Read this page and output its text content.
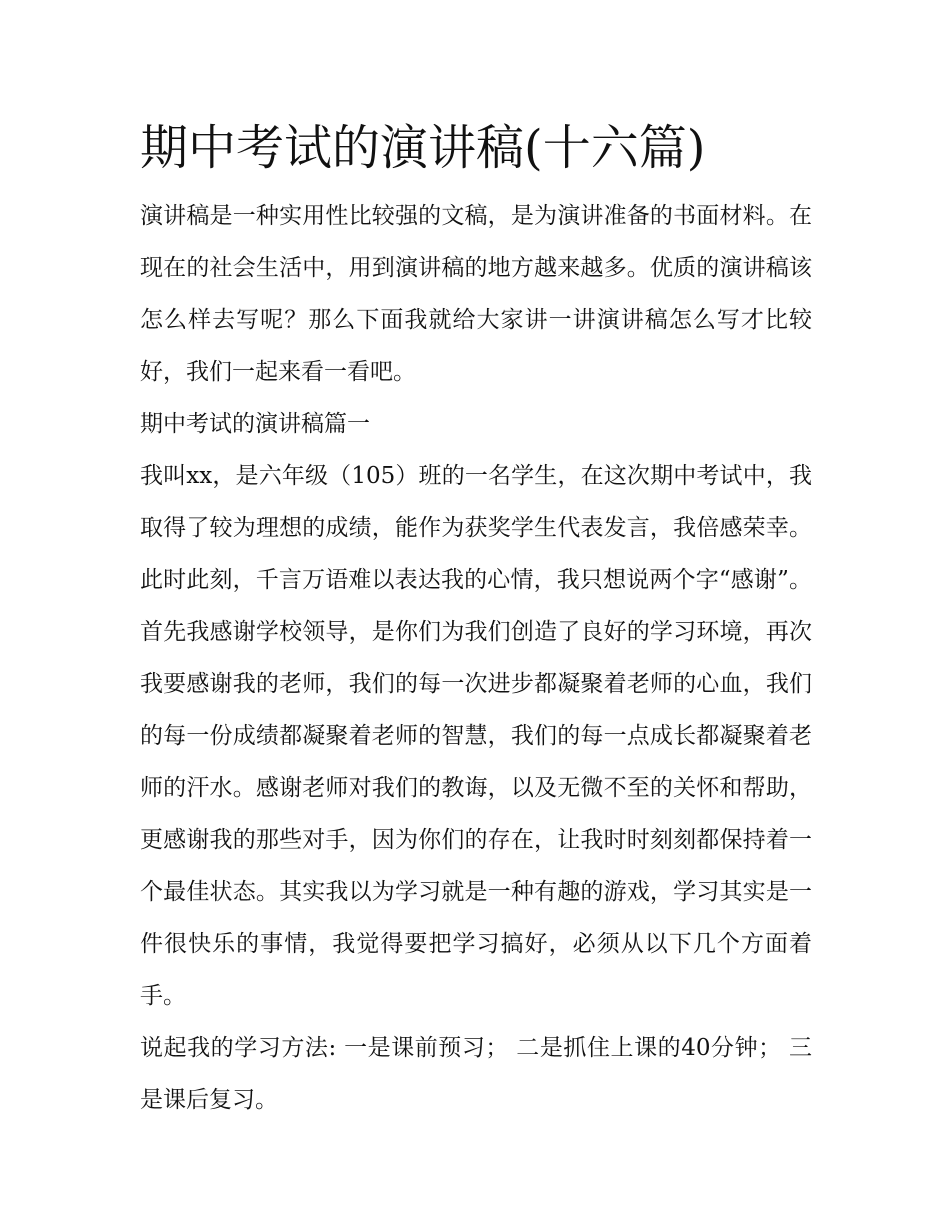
期中考试的演讲稿(十六篇)

演讲稿是一种实用性比较强的文稿，是为演讲准备的书面材料。在现在的社会生活中，用到演讲稿的地方越来越多。优质的演讲稿该怎么样去写呢？那么下面我就给大家讲一讲演讲稿怎么写才比较好，我们一起来看一看吧。

期中考试的演讲稿篇一

我叫xx，是六年级（105）班的一名学生，在这次期中考试中，我取得了较为理想的成绩，能作为获奖学生代表发言，我倍感荣幸。此时此刻，千言万语难以表达我的心情，我只想说两个字“感谢”。首先我感谢学校领导，是你们为我们创造了良好的学习环境，再次我要感谢我的老师，我们的每一次进步都凝聚着老师的心血，我们的每一份成绩都凝聚着老师的智慧，我们的每一点成长都凝聚着老师的汗水。感谢老师对我们的教诲，以及无微不至的关怀和帮助，更感谢我的那些对手，因为你们的存在，让我时时刻刻都保持着一个最佳状态。其实我以为学习就是一种有趣的游戏，学习其实是一件很快乐的事情，我觉得要把学习搞好，必须从以下几个方面着手。

说起我的学习方法: 一是课前预习； 二是抓住上课的40分钟； 三是课后复习。
